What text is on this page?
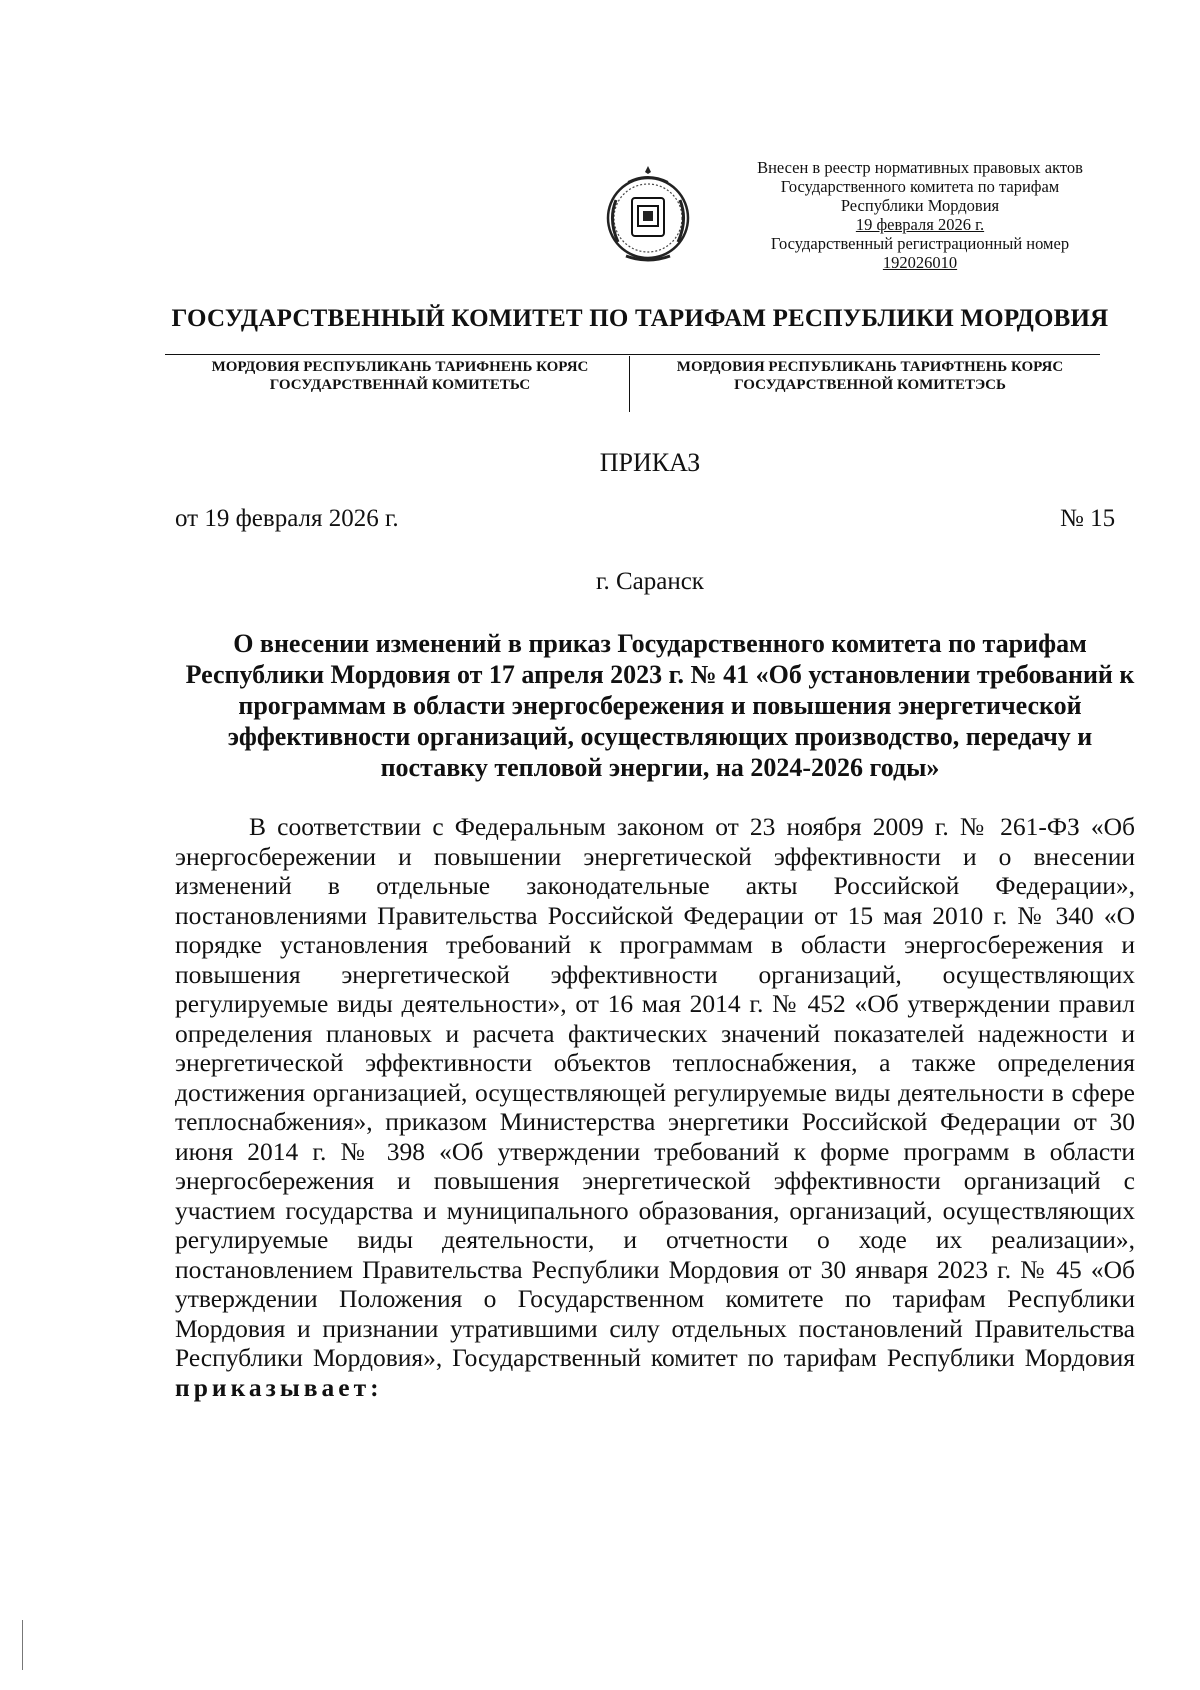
Внесен в реестр нормативных правовых актов
Государственного комитета по тарифам
Республики Мордовия
19 февраля 2026 г.
Государственный регистрационный номер
192026010
ГОСУДАРСТВЕННЫЙ КОМИТЕТ ПО ТАРИФАМ РЕСПУБЛИКИ МОРДОВИЯ
МОРДОВИЯ РЕСПУБЛИКАНЬ ТАРИФНЕНЬ КОРЯС
ГОСУДАРСТВЕННАЙ КОМИТЕТЬС
МОРДОВИЯ РЕСПУБЛИКАНЬ ТАРИФТНЕНЬ КОРЯС
ГОСУДАРСТВЕННОЙ КОМИТЕТЭСЬ
ПРИКАЗ
от 19 февраля 2026 г.	№ 15
г. Саранск
О внесении изменений в приказ Государственного комитета по тарифам Республики Мордовия от 17 апреля 2023 г. № 41 «Об установлении требований к программам в области энергосбережения и повышения энергетической эффективности организаций, осуществляющих производство, передачу и поставку тепловой энергии, на 2024-2026 годы»
В соответствии с Федеральным законом от 23 ноября 2009 г. № 261-ФЗ «Об энергосбережении и повышении энергетической эффективности и о внесении изменений в отдельные законодательные акты Российской Федерации», постановлениями Правительства Российской Федерации от 15 мая 2010 г. № 340 «О порядке установления требований к программам в области энергосбережения и повышения энергетической эффективности организаций, осуществляющих регулируемые виды деятельности», от 16 мая 2014 г. № 452 «Об утверждении правил определения плановых и расчета фактических значений показателей надежности и энергетической эффективности объектов теплоснабжения, а также определения достижения организацией, осуществляющей регулируемые виды деятельности в сфере теплоснабжения», приказом Министерства энергетики Российской Федерации от 30 июня 2014 г. № 398 «Об утверждении требований к форме программ в области энергосбережения и повышения энергетической эффективности организаций с участием государства и муниципального образования, организаций, осуществляющих регулируемые виды деятельности, и отчетности о ходе их реализации», постановлением Правительства Республики Мордовия от 30 января 2023 г. № 45 «Об утверждении Положения о Государственном комитете по тарифам Республики Мордовия и признании утратившими силу отдельных постановлений Правительства Республики Мордовия», Государственный комитет по тарифам Республики Мордовия приказывает:
